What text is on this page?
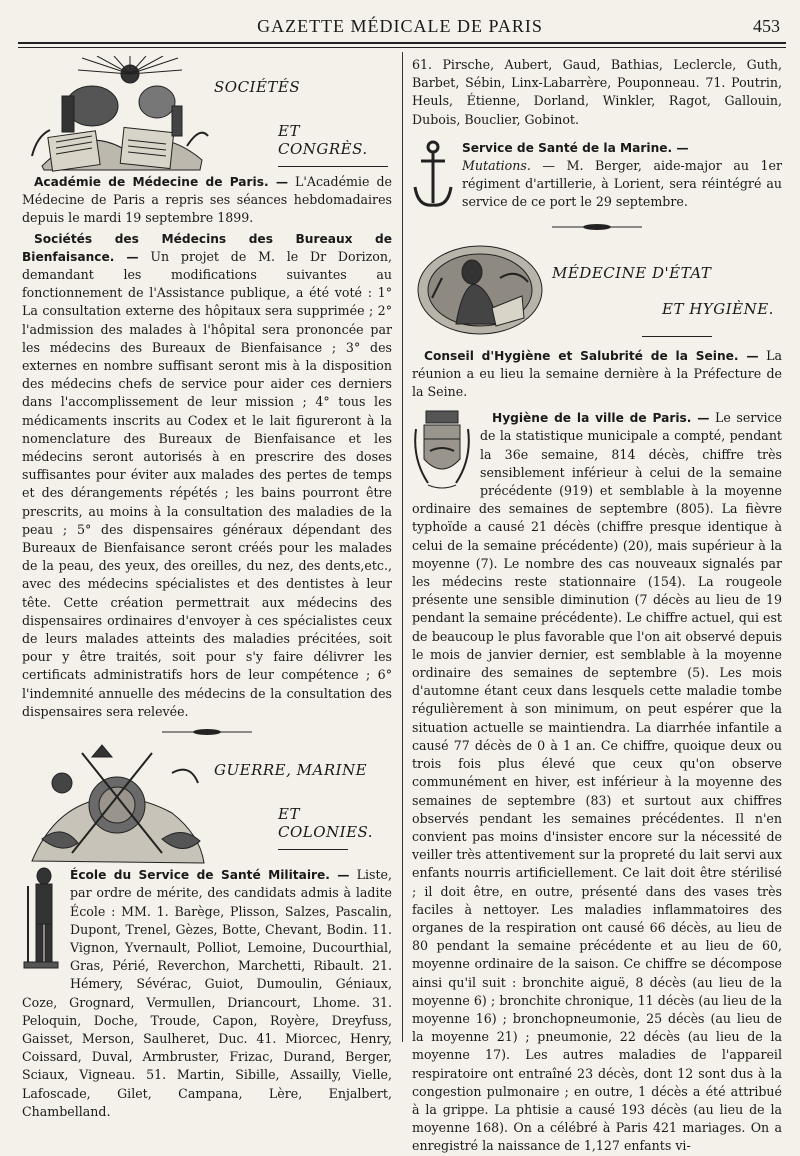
GAZETTE MÉDICALE DE PARIS	453
SOCIÉTÉS
ET CONGRÈS.

Académie de Médecine de Paris. — L'Académie de Médecine de Paris a repris ses séances hebdomadaires depuis le mardi 19 septembre 1899.

Sociétés des Médecins des Bureaux de Bienfaisance. — Un projet de M. le Dr Dorizon, demandant les modifications suivantes au fonctionnement de l'Assistance publique, a été voté : 1° La consultation externe des hôpitaux sera supprimée ; 2° l'admission des malades à l'hôpital sera prononcée par les médecins des Bureaux de Bienfaisance ; 3° des externes en nombre suffisant seront mis à la disposition des médecins chefs de service pour aider ces derniers dans l'accomplissement de leur mission ; 4° tous les médicaments inscrits au Codex et le lait figureront à la nomenclature des Bureaux de Bienfaisance et les médecins seront autorisés à en prescrire des doses suffisantes pour éviter aux malades des pertes de temps et des dérangements répétés ; les bains pourront être prescrits, au moins à la consultation des maladies de la peau ; 5° des dispensaires généraux dépendant des Bureaux de Bienfaisance seront créés pour les malades de la peau, des yeux, des oreilles, du nez, des dents,etc., avec des médecins spécialistes et des dentistes à leur tête. Cette création permettrait aux médecins des dispensaires ordinaires d'envoyer à ces spécialistes ceux de leurs malades atteints des maladies précitées, soit pour y être traités, soit pour s'y faire délivrer les certificats administratifs hors de leur compétence ; 6° l'indemnité annuelle des médecins de la consultation des dispensaires sera relevée.

GUERRE, MARINE
ET COLONIES.

École du Service de Santé Militaire. — Liste, par ordre de mérite, des candidats admis à ladite École : MM. 1. Barège, Plisson, Salzes, Pascalin, Dupont, Trenel, Gèzes, Botte, Chevant, Bodin. 11. Vignon, Yvernault, Polliot, Lemoine, Ducourthial, Gras, Périé, Reverchon, Marchetti, Ribault. 21. Hémery, Sévérac, Guiot, Dumoulin, Géniaux, Coze, Grognard, Vermullen, Driancourt, Lhome. 31. Peloquin, Doche, Troude, Capon, Royère, Dreyfuss, Gaisset, Merson, Saulheret, Duc. 41. Miorcec, Henry, Coissard, Duval, Armbruster, Frizac, Durand, Berger, Sciaux, Vigneau. 51. Martin, Sibille, Assailly, Vielle, Lafoscade, Gilet, Campana, Lère, Enjalbert, Chambelland.

61. Pirsche, Aubert, Gaud, Bathias, Leclercle, Guth, Barbet, Sébin, Linx-Labarrère, Pouponneau. 71. Poutrin, Heuls, Étienne, Dorland, Winkler, Ragot, Gallouin, Dubois, Bouclier, Gobinot.

Service de Santé de la Marine. —
Mutations. — M. Berger, aide-major au 1er régiment d'artillerie, à Lorient, sera réintégré au service de ce port le 29 septembre.

MÉDECINE D'ÉTAT
ET HYGIÈNE.

Conseil d'Hygiène et Salubrité de la Seine. — La réunion a eu lieu la semaine dernière à la Préfecture de la Seine.

Hygiène de la ville de Paris. — Le service de la statistique municipale a compté, pendant la 36e semaine, 814 décès, chiffre très sensiblement inférieur à celui de la semaine précédente (919) et semblable à la moyenne ordinaire des semaines de septembre (805). La fièvre typhoïde a causé 21 décès (chiffre presque identique à celui de la semaine précédente) (20), mais supérieur à la moyenne (7). Le nombre des cas nouveaux signalés par les médecins reste stationnaire (154). La rougeole présente une sensible diminution (7 décès au lieu de 19 pendant la semaine précédente). Le chiffre actuel, qui est de beaucoup le plus favorable que l'on ait observé depuis le mois de janvier dernier, est semblable à la moyenne ordinaire des semaines de septembre (5). Les mois d'automne étant ceux dans lesquels cette maladie tombe régulièrement à son minimum, on peut espérer que la situation actuelle se maintiendra. La diarrhée infantile a causé 77 décès de 0 à 1 an. Ce chiffre, quoique deux ou trois fois plus élevé que ceux qu'on observe communément en hiver, est inférieur à la moyenne des semaines de septembre (83) et surtout aux chiffres observés pendant les semaines précédentes. Il n'en convient pas moins d'insister encore sur la nécessité de veiller très attentivement sur la propreté du lait servi aux enfants nourris artificiellement. Ce lait doit être stérilisé ; il doit être, en outre, présenté dans des vases très faciles à nettoyer. Les maladies inflammatoires des organes de la respiration ont causé 66 décès, au lieu de 80 pendant la semaine précédente et au lieu de 60, moyenne ordinaire de la saison. Ce chiffre se décompose ainsi qu'il suit : bronchite aiguë, 8 décès (au lieu de la moyenne 6) ; bronchite chronique, 11 décès (au lieu de la moyenne 16) ; bronchopneumonie, 25 décès (au lieu de la moyenne 21) ; pneumonie, 22 décès (au lieu de la moyenne 17). Les autres maladies de l'appareil respiratoire ont entraîné 23 décès, dont 12 sont dus à la congestion pulmonaire ; en outre, 1 décès a été attribué à la grippe. La phtisie a causé 193 décès (au lieu de la moyenne 168). On a célébré à Paris 421 mariages. On a enregistré la naissance de 1,127 enfants vi-
